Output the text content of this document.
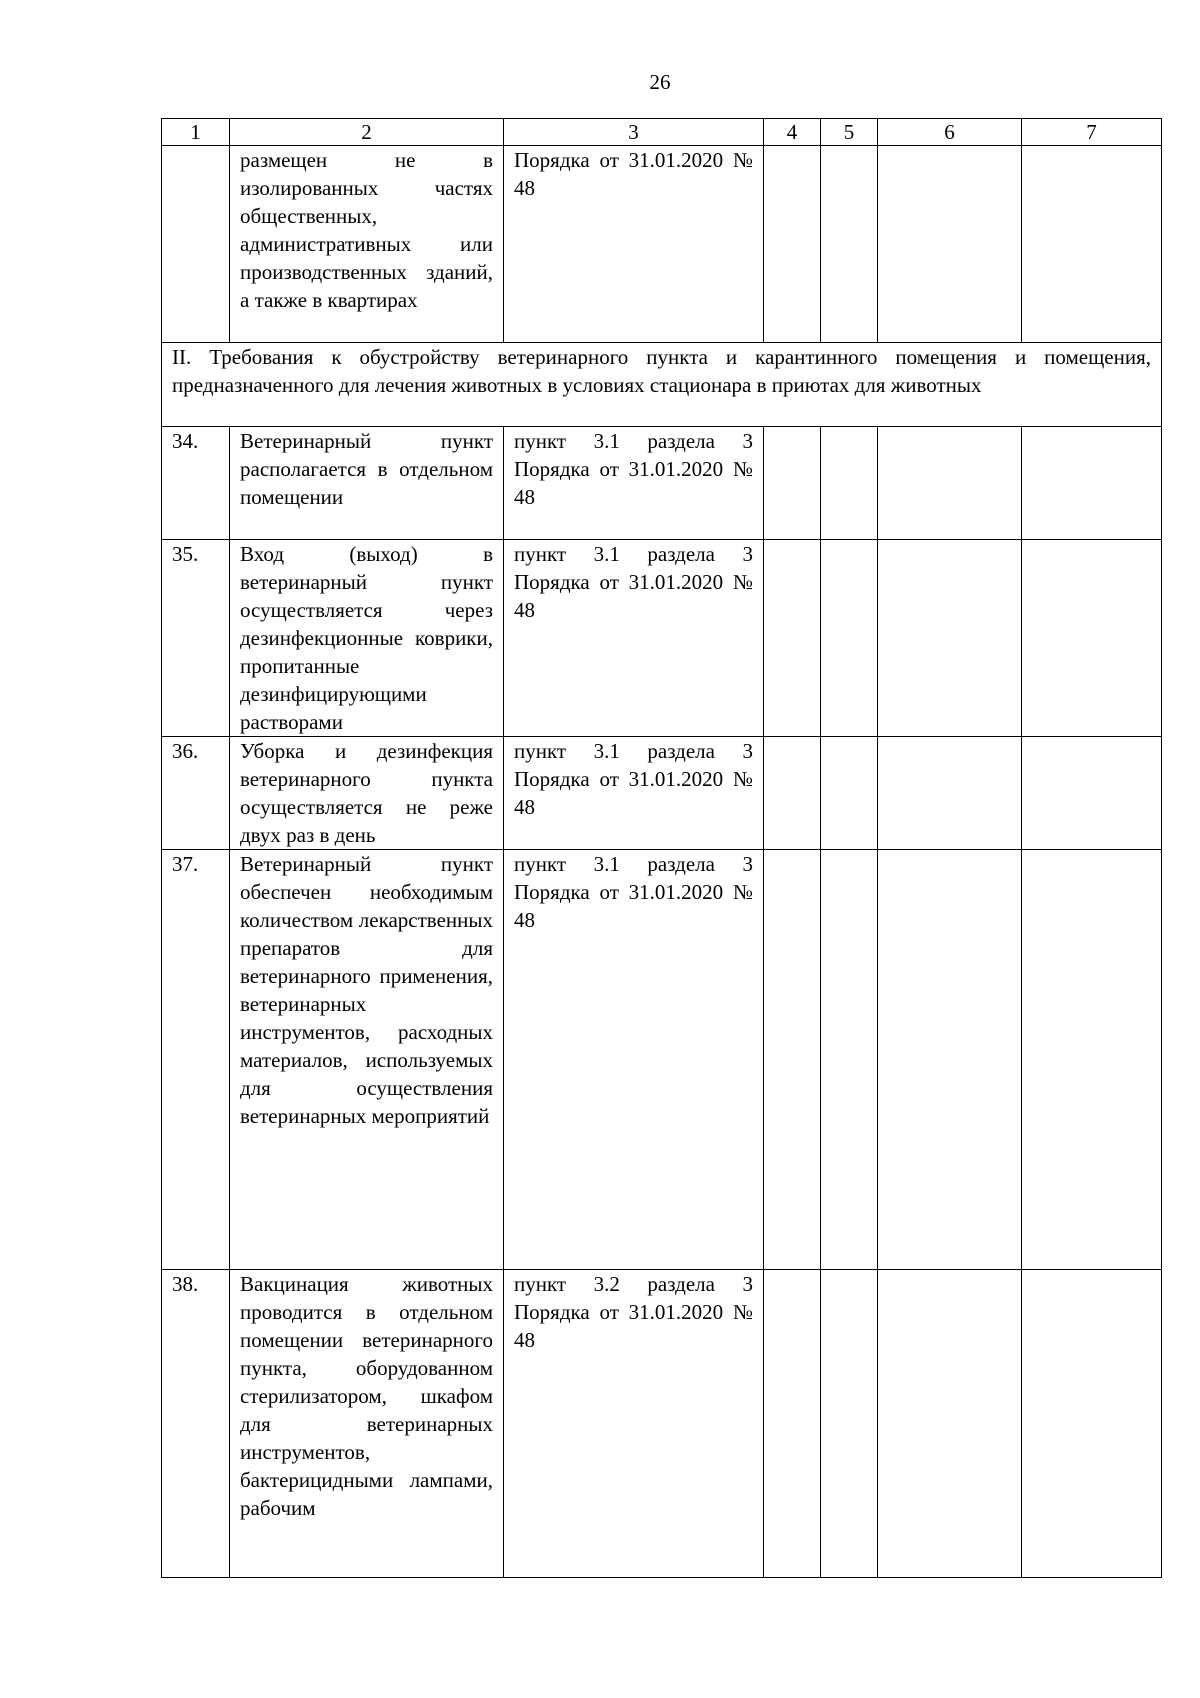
26
1	2	3	4	5	6	7
	размещен не в изолированных частях общественных, административных или производственных зданий, а также в квартирах	Порядка от 31.01.2020 № 48				
II. Требования к обустройству ветеринарного пункта и карантинного помещения и помещения, предназначенного для лечения животных в условиях стационара в приютах для животных						
34.	Ветеринарный пункт располагается в отдельном помещении	пункт 3.1 раздела 3 Порядка от 31.01.2020 № 48				
35.	Вход (выход) в ветеринарный пункт осуществляется через дезинфекционные коврики, пропитанные дезинфицирующими растворами	пункт 3.1 раздела 3 Порядка от 31.01.2020 № 48				
36.	Уборка и дезинфекция ветеринарного пункта осуществляется не реже двух раз в день	пункт 3.1 раздела 3 Порядка от 31.01.2020 № 48				
37.	Ветеринарный пункт обеспечен необходимым количеством лекарственных препаратов для ветеринарного применения, ветеринарных инструментов, расходных материалов, используемых для осуществления ветеринарных мероприятий	пункт 3.1 раздела 3 Порядка от 31.01.2020 № 48				
38.	Вакцинация животных проводится в отдельном помещении ветеринарного пункта, оборудованном стерилизатором, шкафом для ветеринарных инструментов, бактерицидными лампами, рабочим	пункт 3.2 раздела 3 Порядка от 31.01.2020 № 48				
